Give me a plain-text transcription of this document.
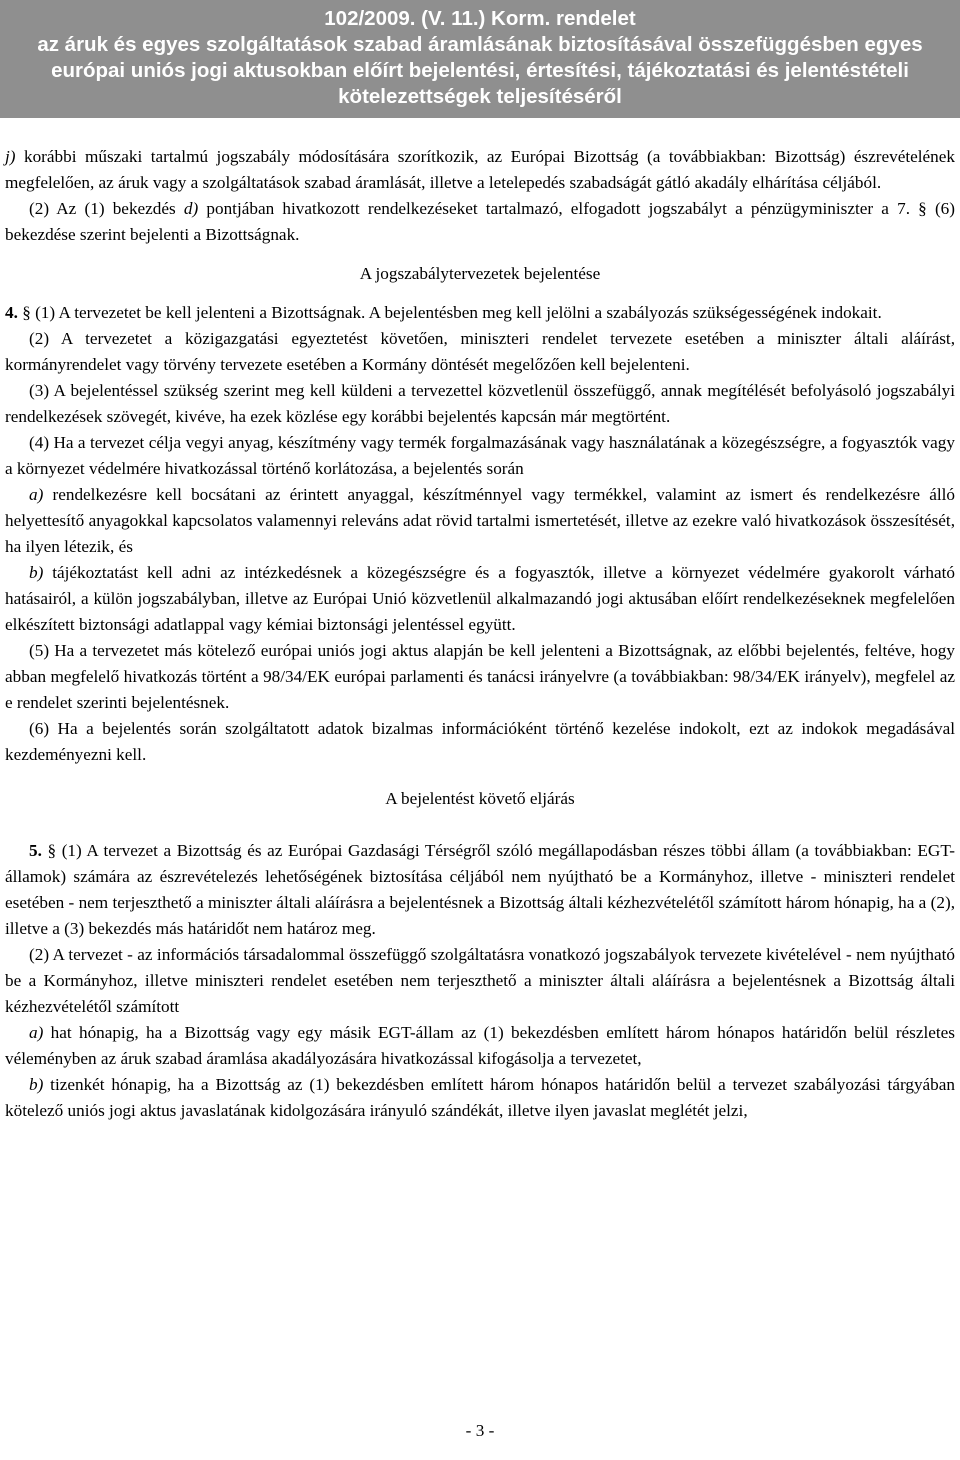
102/2009. (V. 11.) Korm. rendelet
az áruk és egyes szolgáltatások szabad áramlásának biztosításával összefüggésben egyes
európai uniós jogi aktusokban előírt bejelentési, értesítési, tájékoztatási és jelentéstételi
kötelezettségek teljesítéséről

j) korábbi műszaki tartalmú jogszabály módosítására szorítkozik, az Európai Bizottság (a továbbiakban: Bizottság) észrevételének megfelelően, az áruk vagy a szolgáltatások szabad áramlását, illetve a letelepedés szabadságát gátló akadály elhárítása céljából.

(2) Az (1) bekezdés d) pontjában hivatkozott rendelkezéseket tartalmazó, elfogadott jogszabályt a pénzügyminiszter a 7. § (6) bekezdése szerint bejelenti a Bizottságnak.

A jogszabálytervezetek bejelentése

4. § (1) A tervezetet be kell jelenteni a Bizottságnak. A bejelentésben meg kell jelölni a szabályozás szükségességének indokait.

(2) A tervezetet a közigazgatási egyeztetést követően, miniszteri rendelet tervezete esetében a miniszter általi aláírást, kormányrendelet vagy törvény tervezete esetében a Kormány döntését megelőzően kell bejelenteni.

(3) A bejelentéssel szükség szerint meg kell küldeni a tervezettel közvetlenül összefüggő, annak megítélését befolyásoló jogszabályi rendelkezések szövegét, kivéve, ha ezek közlése egy korábbi bejelentés kapcsán már megtörtént.

(4) Ha a tervezet célja vegyi anyag, készítmény vagy termék forgalmazásának vagy használatának a közegészségre, a fogyasztók vagy a környezet védelmére hivatkozással történő korlátozása, a bejelentés során

a) rendelkezésre kell bocsátani az érintett anyaggal, készítménnyel vagy termékkel, valamint az ismert és rendelkezésre álló helyettesítő anyagokkal kapcsolatos valamennyi releváns adat rövid tartalmi ismertetését, illetve az ezekre való hivatkozások összesítését, ha ilyen létezik, és

b) tájékoztatást kell adni az intézkedésnek a közegészségre és a fogyasztók, illetve a környezet védelmére gyakorolt várható hatásairól, a külön jogszabályban, illetve az Európai Unió közvetlenül alkalmazandó jogi aktusában előírt rendelkezéseknek megfelelően elkészített biztonsági adatlappal vagy kémiai biztonsági jelentéssel együtt.

(5) Ha a tervezetet más kötelező európai uniós jogi aktus alapján be kell jelenteni a Bizottságnak, az előbbi bejelentés, feltéve, hogy abban megfelelő hivatkozás történt a 98/34/EK európai parlamenti és tanácsi irányelvre (a továbbiakban: 98/34/EK irányelv), megfelel az e rendelet szerinti bejelentésnek.

(6) Ha a bejelentés során szolgáltatott adatok bizalmas információként történő kezelése indokolt, ezt az indokok megadásával kezdeményezni kell.

A bejelentést követő eljárás

5. § (1) A tervezet a Bizottság és az Európai Gazdasági Térségről szóló megállapodásban részes többi állam (a továbbiakban: EGT-államok) számára az észrevételezés lehetőségének biztosítása céljából nem nyújtható be a Kormányhoz, illetve - miniszteri rendelet esetében - nem terjeszthető a miniszter általi aláírásra a bejelentésnek a Bizottság általi kézhezvételétől számított három hónapig, ha a (2), illetve a (3) bekezdés más határidőt nem határoz meg.

(2) A tervezet - az információs társadalommal összefüggő szolgáltatásra vonatkozó jogszabályok tervezete kivételével - nem nyújtható be a Kormányhoz, illetve miniszteri rendelet esetében nem terjeszthető a miniszter általi aláírásra a bejelentésnek a Bizottság általi kézhezvételétől számított

a) hat hónapig, ha a Bizottság vagy egy másik EGT-állam az (1) bekezdésben említett három hónapos határidőn belül részletes véleményben az áruk szabad áramlása akadályozására hivatkozással kifogásolja a tervezetet,

b) tizenkét hónapig, ha a Bizottság az (1) bekezdésben említett három hónapos határidőn belül a tervezet szabályozási tárgyában kötelező uniós jogi aktus javaslatának kidolgozására irányuló szándékát, illetve ilyen javaslat meglétét jelzi,

- 3 -
